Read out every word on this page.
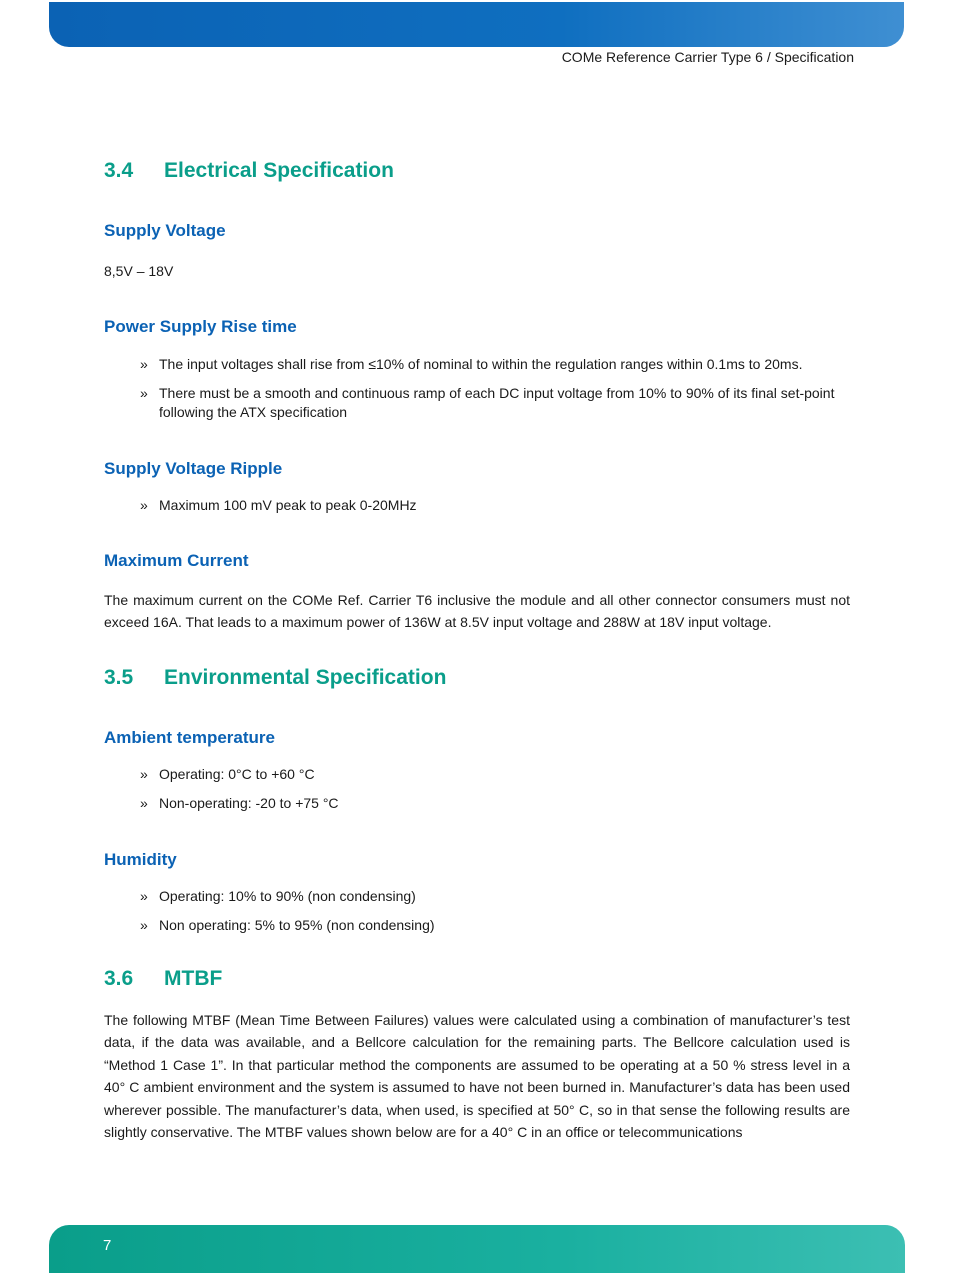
COMe Reference Carrier Type 6 / Specification
3.4 Electrical Specification
Supply Voltage
8,5V – 18V
Power Supply Rise time
» The input voltages shall rise from ≤10% of nominal to within the regulation ranges within 0.1ms to 20ms.
» There must be a smooth and continuous ramp of each DC input voltage from 10% to 90% of its final set-point following the ATX specification
Supply Voltage Ripple
» Maximum 100 mV peak to peak 0-20MHz
Maximum Current
The maximum current on the COMe Ref. Carrier T6 inclusive the module and all other connector consumers must not exceed 16A. That leads to a maximum power of 136W at 8.5V input voltage and 288W at 18V input voltage.
3.5 Environmental Specification
Ambient temperature
» Operating: 0°C to +60 °C
» Non-operating: -20 to +75 °C
Humidity
» Operating: 10% to 90% (non condensing)
» Non operating: 5% to 95% (non condensing)
3.6 MTBF
The following MTBF (Mean Time Between Failures) values were calculated using a combination of manufacturer’s test data, if the data was available, and a Bellcore calculation for the remaining parts. The Bellcore calculation used is “Method 1 Case 1”. In that particular method the components are assumed to be operating at a 50 % stress level in a 40° C ambient environment and the system is assumed to have not been burned in. Manufacturer’s data has been used wherever possible. The manufacturer’s data, when used, is specified at 50° C, so in that sense the following results are slightly conservative. The MTBF values shown below are for a 40° C in an office or telecommunications
7
